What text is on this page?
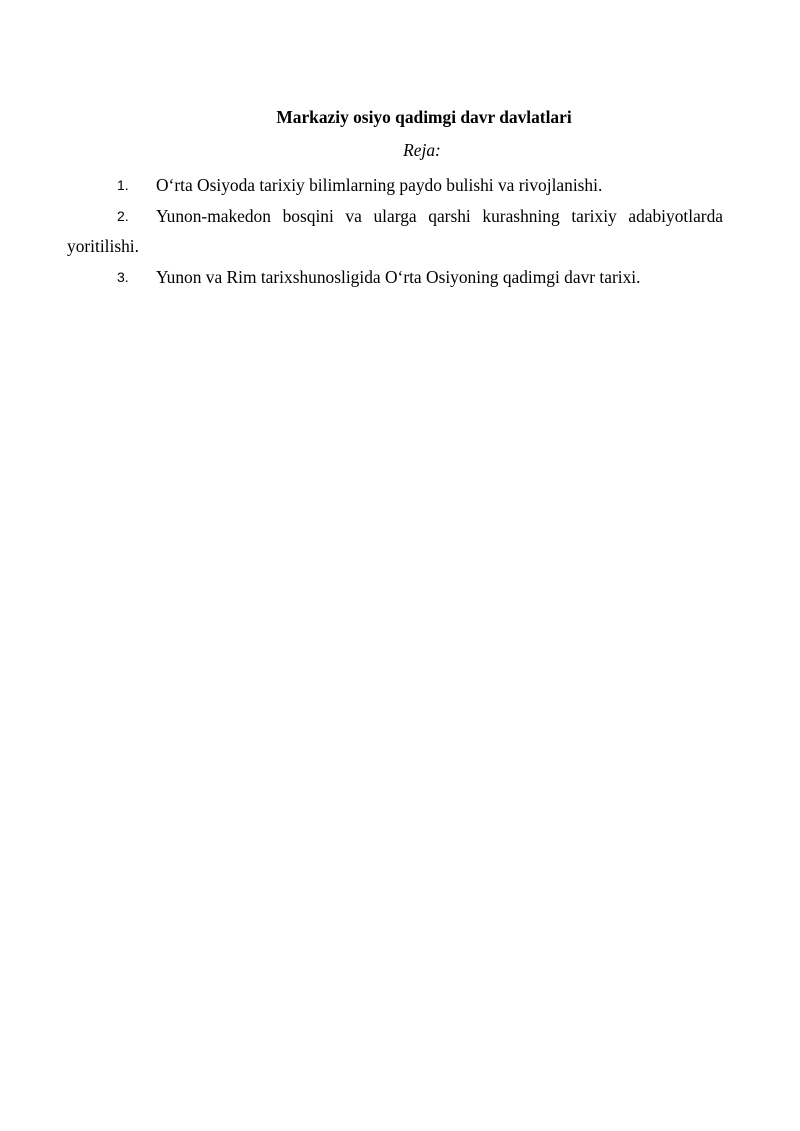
Markaziy osiyo qadimgi davr davlatlari
Reja:
1. O‘rta Osiyoda tarixiy bilimlarning paydo bulishi va rivojlanishi.
2. Yunon-makedon bosqini va ularga qarshi kurashning tarixiy adabiyotlarda yoritilishi.
3. Yunon va Rim tarixshunosligida O‘rta Osiyoning qadimgi davr tarixi.
